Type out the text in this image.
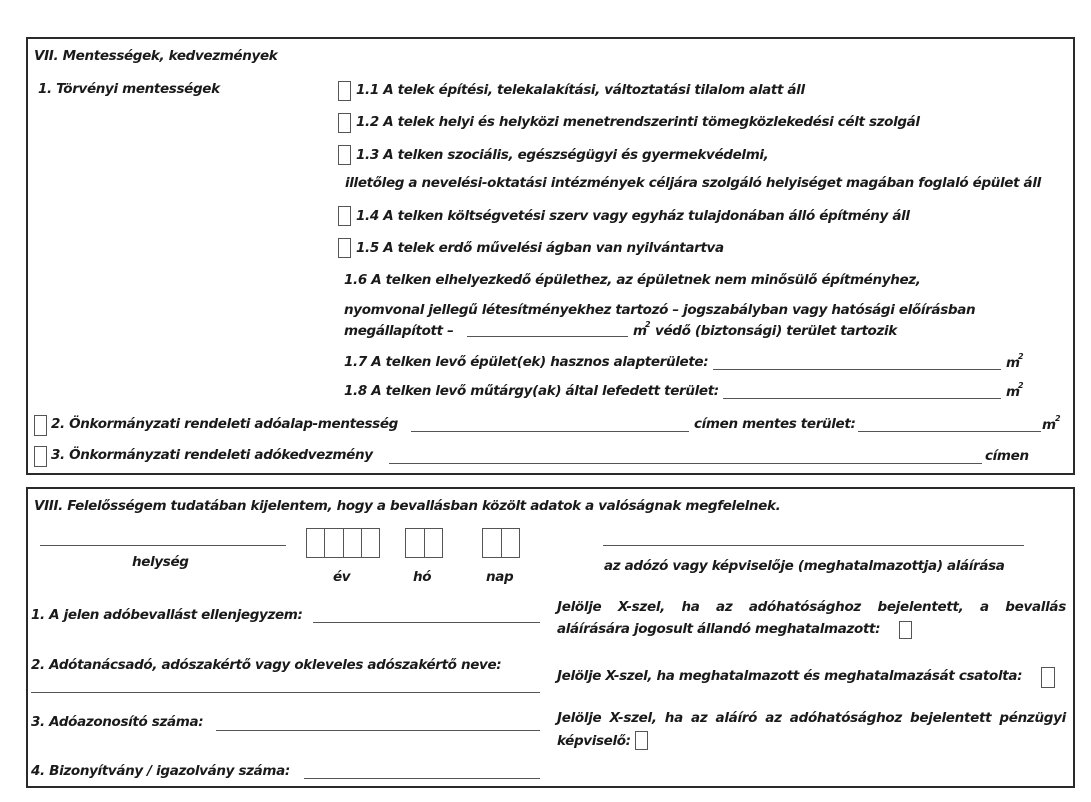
VII. Mentességek, kedvezmények
1. Törvényi mentességek	1.1 A telek építési, telekalakítási, változtatási tilalom alatt áll
1.2 A telek helyi és helyközi menetrendszerinti tömegközlekedési célt szolgál
1.3 A telken szociális, egészségügyi és gyermekvédelmi,
illetőleg a nevelési-oktatási intézmények céljára szolgáló helyiséget magában foglaló épület áll
1.4 A telken költségvetési szerv vagy egyház tulajdonában álló építmény áll
1.5 A telek erdő művelési ágban van nyilvántartva
1.6 A telken elhelyezkedő épülethez, az épületnek nem minősülő építményhez,
nyomvonal jellegű létesítményekhez tartozó – jogszabályban vagy hatósági előírásban
megállapított –	m
2 védő (biztonsági) terület tartozik
1.7 A telken levő épület(ek) hasznos alapterülete:	m
2
1.8 A telken levő műtárgy(ak) által lefedett terület:	m
2
2. Önkormányzati rendeleti adóalap-mentesség	címen mentes terület:	m 2
3. Önkormányzati rendeleti adókedvezmény	címen
VIII. Felelősségem tudatában kijelentem, hogy a bevallásban közölt adatok a valóságnak megfelelnek.
helység
év	hó	nap
az adózó vagy képviselője (meghatalmazottja) aláírása
1. A jelen adóbevallást ellenjegyzem:
2. Adótanácsadó, adószakértő vagy okleveles adószakértő neve:
3. Adóazonosító száma:
4. Bizonyítvány / igazolvány száma:
Jelölje X-szel, ha az adóhatósághoz bejelentett, a bevallás
aláírására jogosult állandó meghatalmazott:
Jelölje X-szel, ha meghatalmazott és meghatalmazását csatolta:
Jelölje X-szel, ha az aláíró az adóhatósághoz bejelentett pénzügyi
képviselő:
